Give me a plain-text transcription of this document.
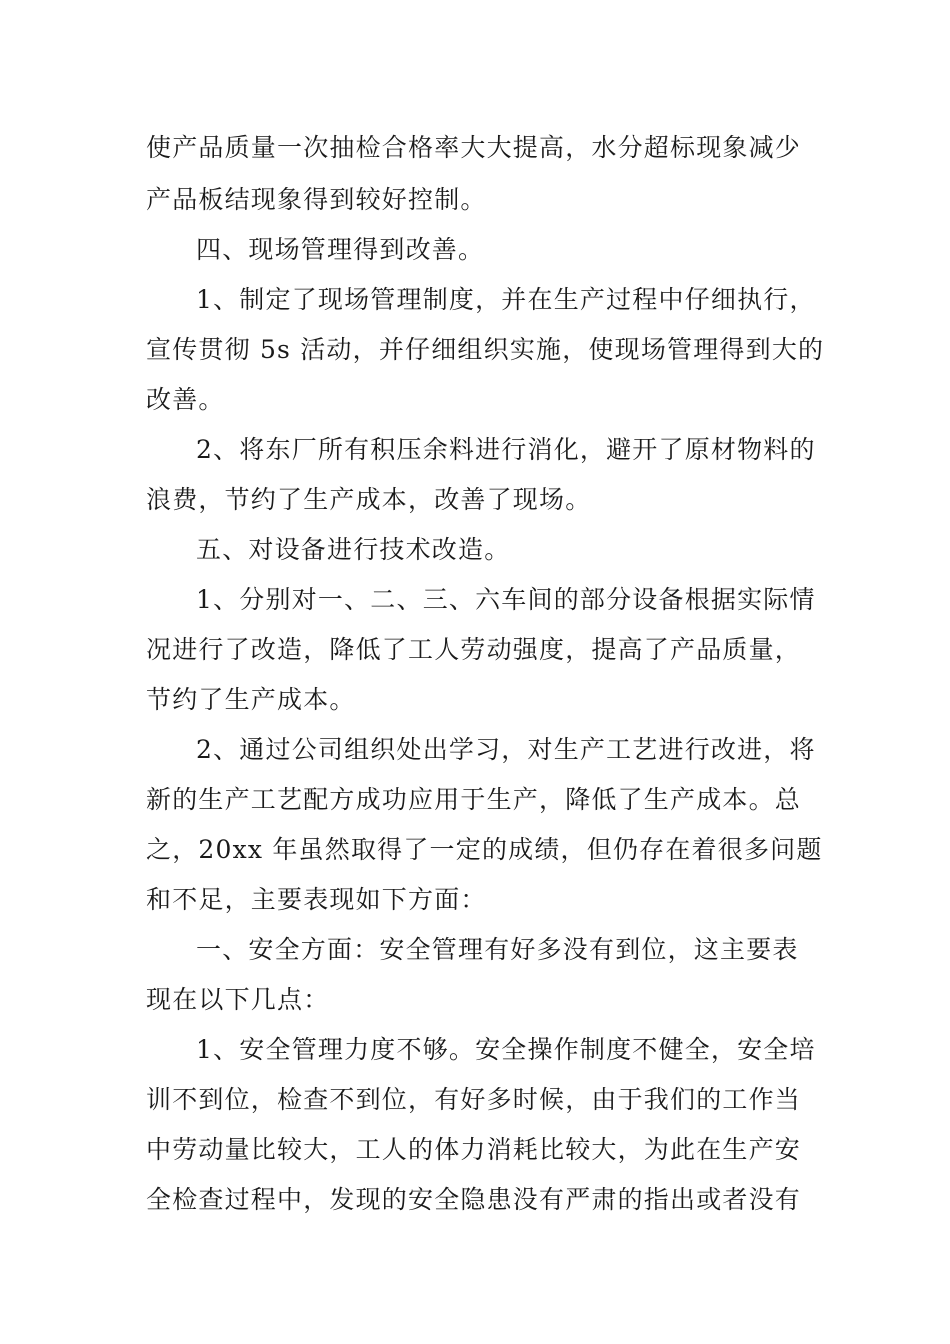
使产品质量一次抽检合格率大大提高，水分超标现象减少
产品板结现象得到较好控制。
四、现场管理得到改善。
1、制定了现场管理制度，并在生产过程中仔细执行，
宣传贯彻 5s 活动，并仔细组织实施，使现场管理得到大的
改善。
2、将东厂所有积压余料进行消化，避开了原材物料的
浪费，节约了生产成本，改善了现场。
五、对设备进行技术改造。
1、分别对一、二、三、六车间的部分设备根据实际情
况进行了改造，降低了工人劳动强度，提高了产品质量，
节约了生产成本。
2、通过公司组织处出学习，对生产工艺进行改进，将
新的生产工艺配方成功应用于生产，降低了生产成本。总
之，20xx 年虽然取得了一定的成绩，但仍存在着很多问题
和不足，主要表现如下方面：
一、安全方面：安全管理有好多没有到位，这主要表
现在以下几点：
1、安全管理力度不够。安全操作制度不健全，安全培
训不到位，检查不到位，有好多时候，由于我们的工作当
中劳动量比较大，工人的体力消耗比较大，为此在生产安
全检查过程中，发现的安全隐患没有严肃的指出或者没有
